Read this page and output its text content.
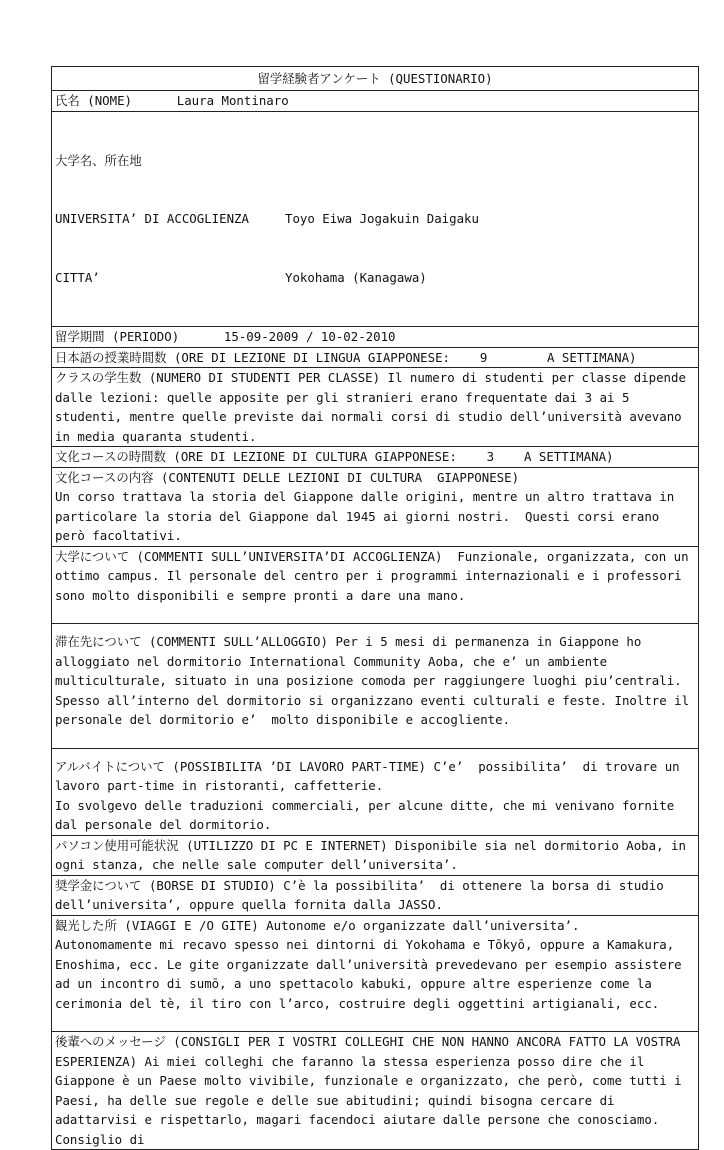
留学経験者アンケート (QUESTIONARIO)
氏名 (NOME)      Laura Montinaro

大学名、所在地

UNIVERSITA’ DI ACCOGLIENZA	Toyo Eiwa Jogakuin Daigaku

CITTA’	Yokohama (Kanagawa)

留学期間 (PERIODO)      15-09-2009 / 10-02-2010
日本語の授業時間数 (ORE DI LEZIONE DI LINGUA GIAPPONESE:    9        A SETTIMANA)
クラスの学生数 (NUMERO DI STUDENTI PER CLASSE) Il numero di studenti per classe dipende dalle lezioni: quelle apposite per gli stranieri erano frequentate dai 3 ai 5 studenti, mentre quelle previste dai normali corsi di studio dell’università avevano in media quaranta studenti.
文化コースの時間数 (ORE DI LEZIONE DI CULTURA GIAPPONESE:    3    A SETTIMANA)
文化コースの内容 (CONTENUTI DELLE LEZIONI DI CULTURA  GIAPPONESE)
Un corso trattava la storia del Giappone dalle origini, mentre un altro trattava in particolare la storia del Giappone dal 1945 ai giorni nostri.  Questi corsi erano però facoltativi.
大学について (COMMENTI SULL’UNIVERSITA’DI ACCOGLIENZA)  Funzionale, organizzata, con un ottimo campus. Il personale del centro per i programmi internazionali e i professori sono molto disponibili e sempre pronti a dare una mano.
滞在先について (COMMENTI SULL’ALLOGGIO) Per i 5 mesi di permanenza in Giappone ho alloggiato nel dormitorio International Community Aoba, che e’ un ambiente multiculturale, situato in una posizione comoda per raggiungere luoghi piu’centrali. Spesso all’interno del dormitorio si organizzano eventi culturali e feste. Inoltre il personale del dormitorio e’  molto disponibile e accogliente.
アルバイトについて (POSSIBILITA ’DI LAVORO PART-TIME) C’e’  possibilita’  di trovare un lavoro part-time in ristoranti, caffetterie.
Io svolgevo delle traduzioni commerciali, per alcune ditte, che mi venivano fornite dal personale del dormitorio.
パソコン使用可能状況 (UTILIZZO DI PC E INTERNET) Disponibile sia nel dormitorio Aoba, in ogni stanza, che nelle sale computer dell’universita’.
奨学金について (BORSE DI STUDIO) C’è la possibilita’  di ottenere la borsa di studio dell’universita’, oppure quella fornita dalla JASSO.
観光した所 (VIAGGI E /O GITE) Autonome e/o organizzate dall’universita’.
Autonomamente mi recavo spesso nei dintorni di Yokohama e Tōkyō, oppure a Kamakura, Enoshima, ecc. Le gite organizzate dall’università prevedevano per esempio assistere ad un incontro di sumō, a uno spettacolo kabuki, oppure altre esperienze come la cerimonia del tè, il tiro con l’arco, costruire degli oggettini artigianali, ecc.
後輩へのメッセージ (CONSIGLI PER I VOSTRI COLLEGHI CHE NON HANNO ANCORA FATTO LA VOSTRA ESPERIENZA) Ai miei colleghi che faranno la stessa esperienza posso dire che il Giappone è un Paese molto vivibile, funzionale e organizzato, che però, come tutti i Paesi, ha delle sue regole e delle sue abitudini; quindi bisogna cercare di adattarvisi e rispettarlo, magari facendoci aiutare dalle persone che conosciamo. Consiglio di
